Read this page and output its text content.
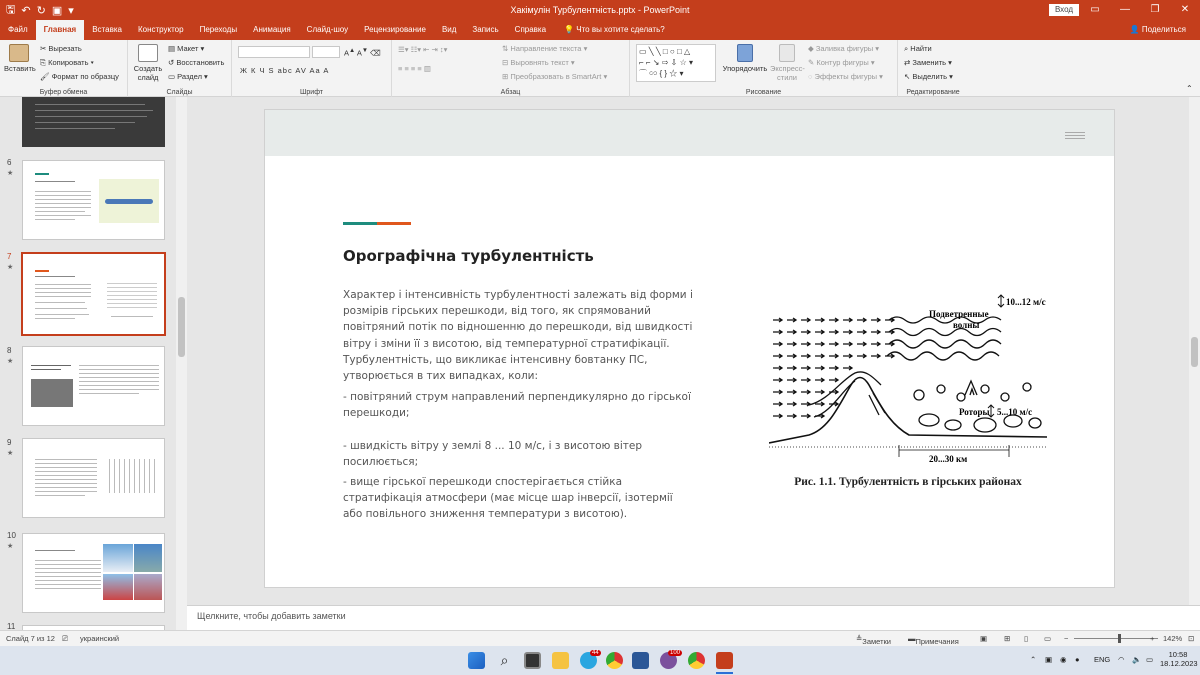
🖫 ↶ ↻ ▣ ▾	Хакімулін Турбулентність.pptx - PowerPoint	Вход	▭	—	❐	✕
Файл	Главная	Вставка	Конструктор	Переходы	Анимация	Слайд-шоу	Рецензирование	Вид	Запись	Справка	💡 Что вы хотите сделать?	👤 Поделиться
Вставить
✂ Вырезать
⎘ Копировать ▾
🖌 Формат по образцу
Буфер обмена
Создать слайд
▤ Макет ▾
↺ Восстановить
▭ Раздел ▾
Слайды
A▲ A▼ ⌫
Ж К Ч S abc AV Aa A
Шрифт
☰▾ ☷▾ ⇤ ⇥ ↕▾
≡ ≡ ≡ ≡ ▥
⇅ Направление текста ▾
⊟ Выровнять текст ▾
⊞ Преобразовать в SmartArt ▾
Абзац
▭ ╲ ╲ □ ○ □ △
⌐ ⌐ ↘ ⇨ ⇩ ☆ ▾
⌒ ∽ { } ☆ ▾
Упорядочить Экспресс-стили
◆ Заливка фигуры ▾
✎ Контур фигуры ▾
◌ Эффекты фигуры ▾
Рисование
⌕ Найти
⇄ Заменить ▾
↖ Выделить ▾
Редактирование	⌃
6
★
7
★
8
★
9
★
10
★
11
Орографічна турбулентність
Характер і інтенсивність турбулентності залежать від форми і розмірів гірських перешкоди, від того, як спрямований повітряний потік по відношенню до перешкоди, від швидкості вітру і зміни її з висотою, від температурної стратифікації. Турбулентність, що викликає інтенсивну бовтанку ПС, утворюється в тих випадках, коли:
- повітряний струм направлений перпендикулярно до гірської перешкоди;
- швидкість вітру у землі 8 ... 10 м/с, і з висотою вітер посилюється;
- вище гірської перешкоди спостерігається стійка стратифікація атмосфери (має місце шар інверсії, ізотермії або повільного зниження температури з висотою).
Подветренные волны
10...12 м/с
Роторы 5...10 м/с
20...30 км
Рис. 1.1. Турбулентність в гірських районах
Щелкните, чтобы добавить заметки
Слайд 7 из 12 ⎚ украинский	≜ Заметки ▬ Примечания	▣ ⊞ ▯ ▭ −	+ 142% ⊡
⌕	44	100
⌃ ▣ ◉ ● ENG ◠ 🔈 ▭
10:58
18.12.2023
